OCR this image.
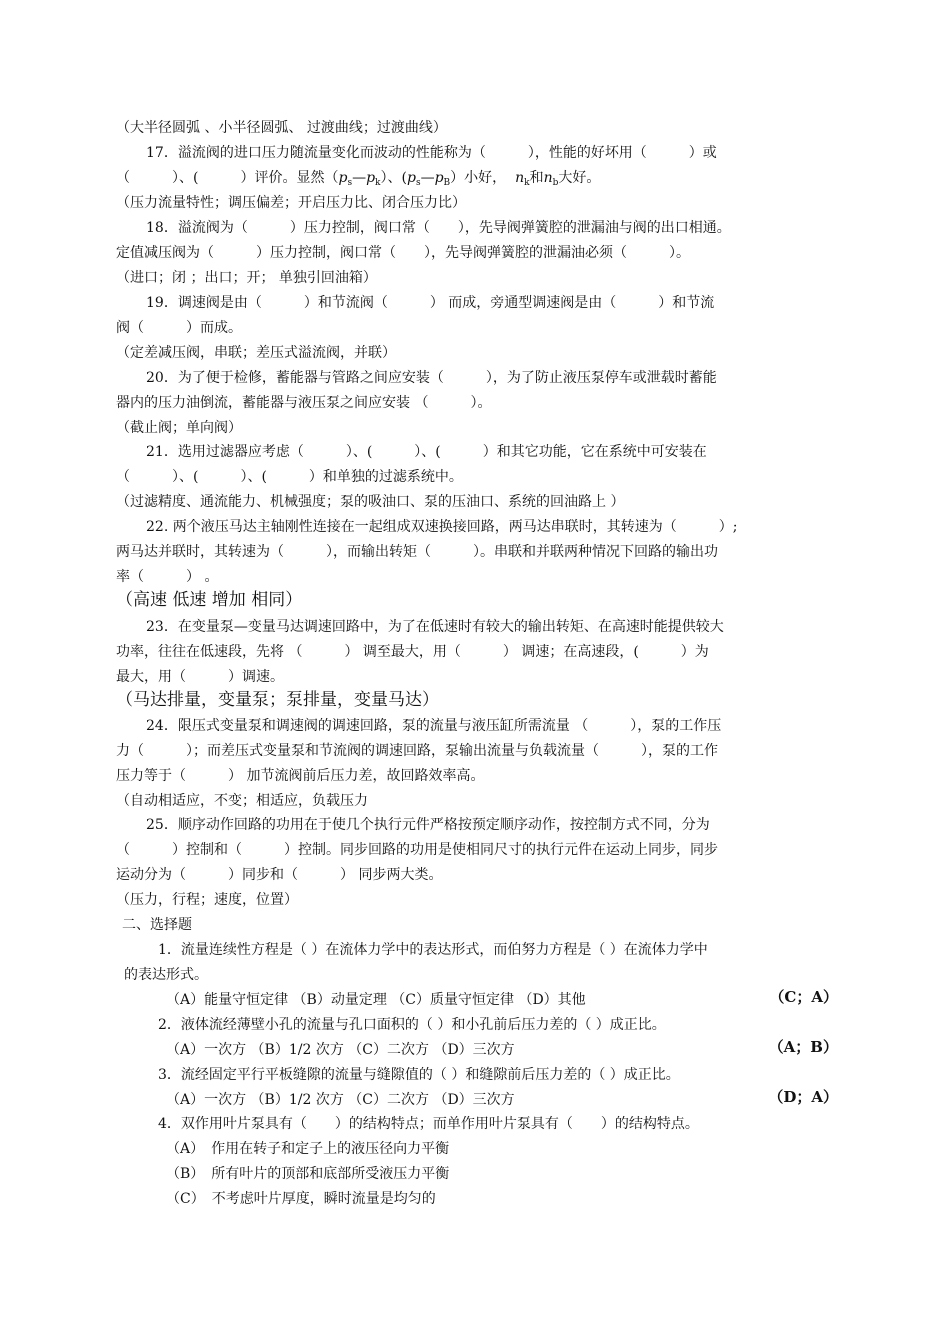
（大半径圆弧 、小半径圆弧、 过渡曲线；过渡曲线）
17．溢流阀的进口压力随流量变化而波动的性能称为（　　　），性能的好坏用（　　　）或
（　　　）、(　　　）评价。显然$(p_s—p_k)$、$(p_s—p_B)$小好， $n_k$和$n_b$大好。
（压力流量特性；调压偏差；开启压力比、闭合压力比）
18．溢流阀为（　　　）压力控制，阀口常（　　），先导阀弹簧腔的泄漏油与阀的出口相通。
定值减压阀为（　　　）压力控制，阀口常（　　），先导阀弹簧腔的泄漏油必须（　　　）。
（进口；闭 ；出口；开； 单独引回油箱）
19．调速阀是由（　　　）和节流阀（　　　） 而成，旁通型调速阀是由（　　　）和节流
阀（　　　）而成。
（定差减压阀，串联；差压式溢流阀，并联）
20．为了便于检修，蓄能器与管路之间应安装（　　　），为了防止液压泵停车或泄载时蓄能
器内的压力油倒流，蓄能器与液压泵之间应安装 （　　　）。
（截止阀；单向阀）
21．选用过滤器应考虑（　　　）、(　　　）、(　　　）和其它功能，它在系统中可安装在
（　　　）、(　　　）、(　　　）和单独的过滤系统中。
（过滤精度、通流能力、机械强度；泵的吸油口、泵的压油口、系统的回油路上 ）
22. 两个液压马达主轴刚性连接在一起组成双速换接回路，两马达串联时，其转速为（　　　）;
两马达并联时，其转速为（　　　），而输出转矩（　　　）。串联和并联两种情况下回路的输出功
率（　　　） 。
（高速 低速 增加 相同）
23．在变量泵—变量马达调速回路中，为了在低速时有较大的输出转矩、在高速时能提供较大
功率，往往在低速段，先将 （　　　） 调至最大，用（　　　） 调速；在高速段，(　　　）为
最大，用（　　　）调速。
（马达排量，变量泵；泵排量，变量马达）
24．限压式变量泵和调速阀的调速回路，泵的流量与液压缸所需流量 （　　　），泵的工作压
力（　　　）；而差压式变量泵和节流阀的调速回路，泵输出流量与负载流量（　　　），泵的工作
压力等于（　　　） 加节流阀前后压力差，故回路效率高。
（自动相适应，不变；相适应，负载压力
25．顺序动作回路的功用在于使几个执行元件严格按预定顺序动作，按控制方式不同，分为
（　　　）控制和（　　　）控制。同步回路的功用是使相同尺寸的执行元件在运动上同步，同步
运动分为（　　　）同步和（　　　） 同步两大类。
（压力，行程；速度，位置）
二、选择题
1．流量连续性方程是（ ）在流体力学中的表达形式，而伯努力方程是（ ）在流体力学中
的表达形式。
（A）能量守恒定律 （B）动量定理 （C）质量守恒定律 （D）其他	（C；A）
2．液体流经薄壁小孔的流量与孔口面积的（ ）和小孔前后压力差的（ ）成正比。
（A）一次方 （B）1/2 次方 （C）二次方 （D）三次方	（A；B）
3．流经固定平行平板缝隙的流量与缝隙值的（ ）和缝隙前后压力差的（ ）成正比。
（A）一次方 （B）1/2 次方 （C）二次方 （D）三次方	（D；A）
4．双作用叶片泵具有（　　）的结构特点；而单作用叶片泵具有（　　）的结构特点。
（A）　作用在转子和定子上的液压径向力平衡
（B）　所有叶片的顶部和底部所受液压力平衡
（C）　不考虑叶片厚度，瞬时流量是均匀的
